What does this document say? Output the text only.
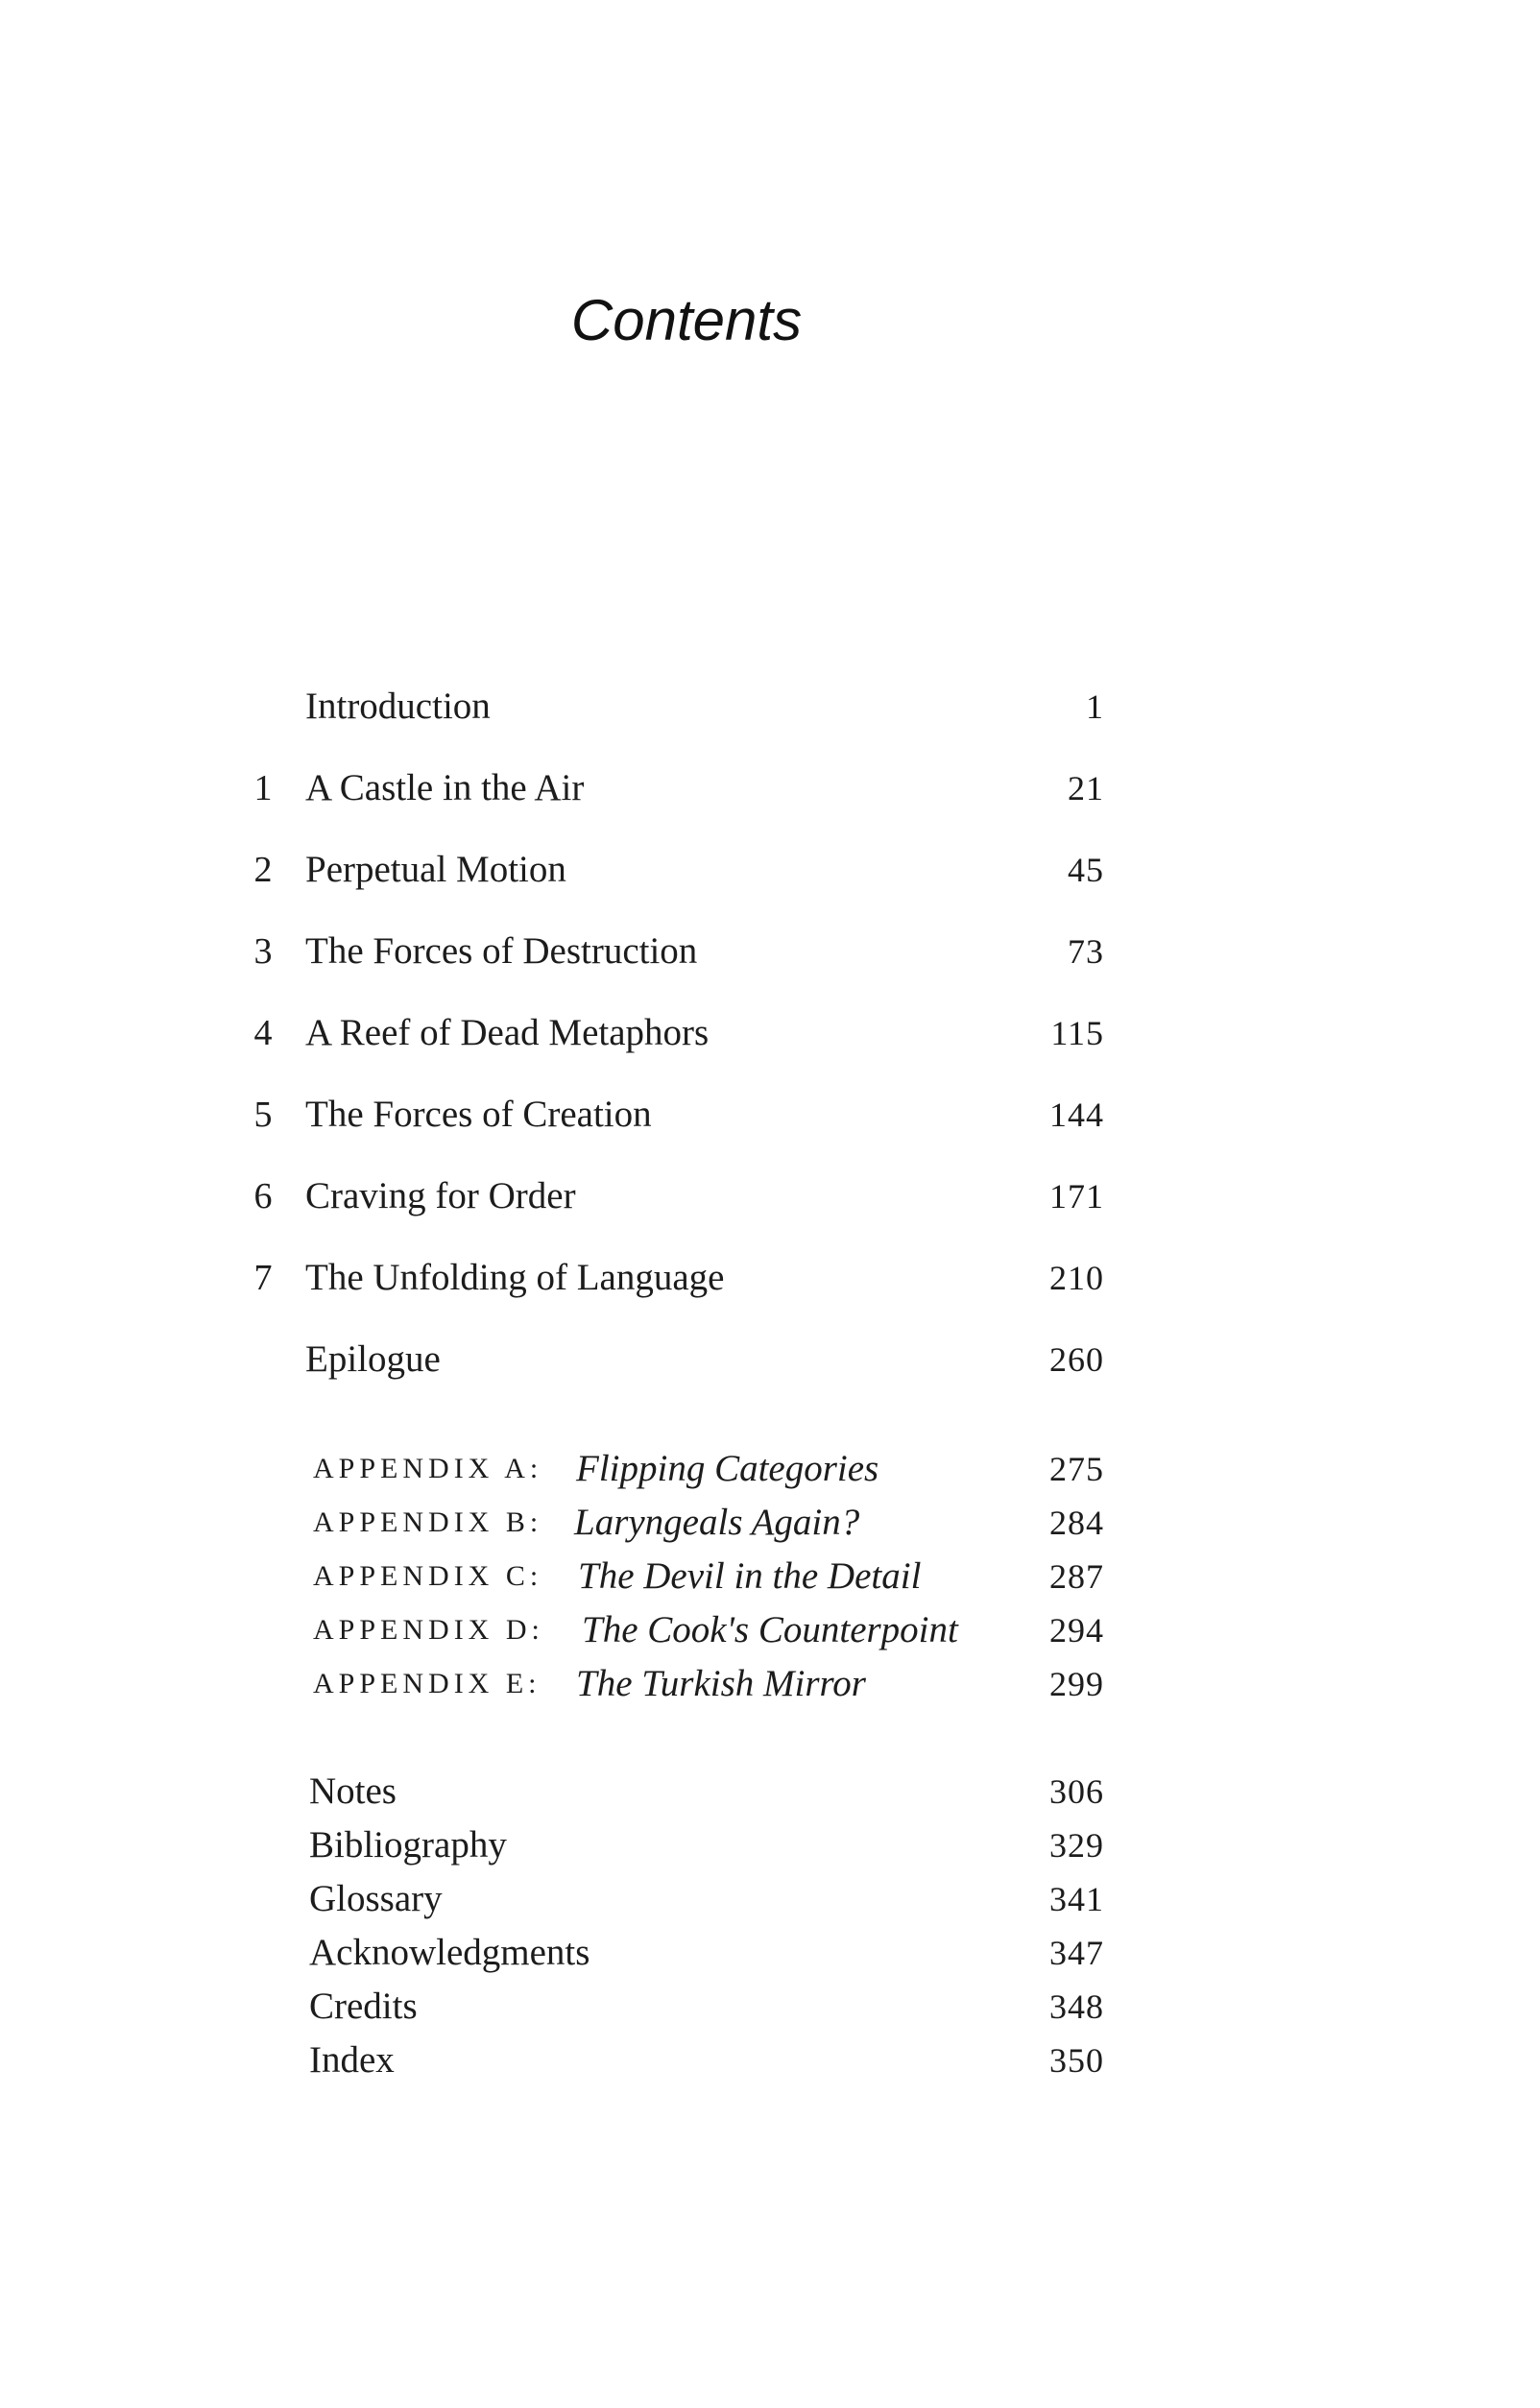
Contents
Introduction	1
1 A Castle in the Air	21
2 Perpetual Motion	45
3 The Forces of Destruction	73
4 A Reef of Dead Metaphors	115
5 The Forces of Creation	144
6 Craving for Order	171
7 The Unfolding of Language	210
Epilogue	260
APPENDIX A: Flipping Categories	275
APPENDIX B: Laryngeals Again?	284
APPENDIX C: The Devil in the Detail	287
APPENDIX D: The Cook's Counterpoint	294
APPENDIX E: The Turkish Mirror	299
Notes	306
Bibliography	329
Glossary	341
Acknowledgments	347
Credits	348
Index	350
